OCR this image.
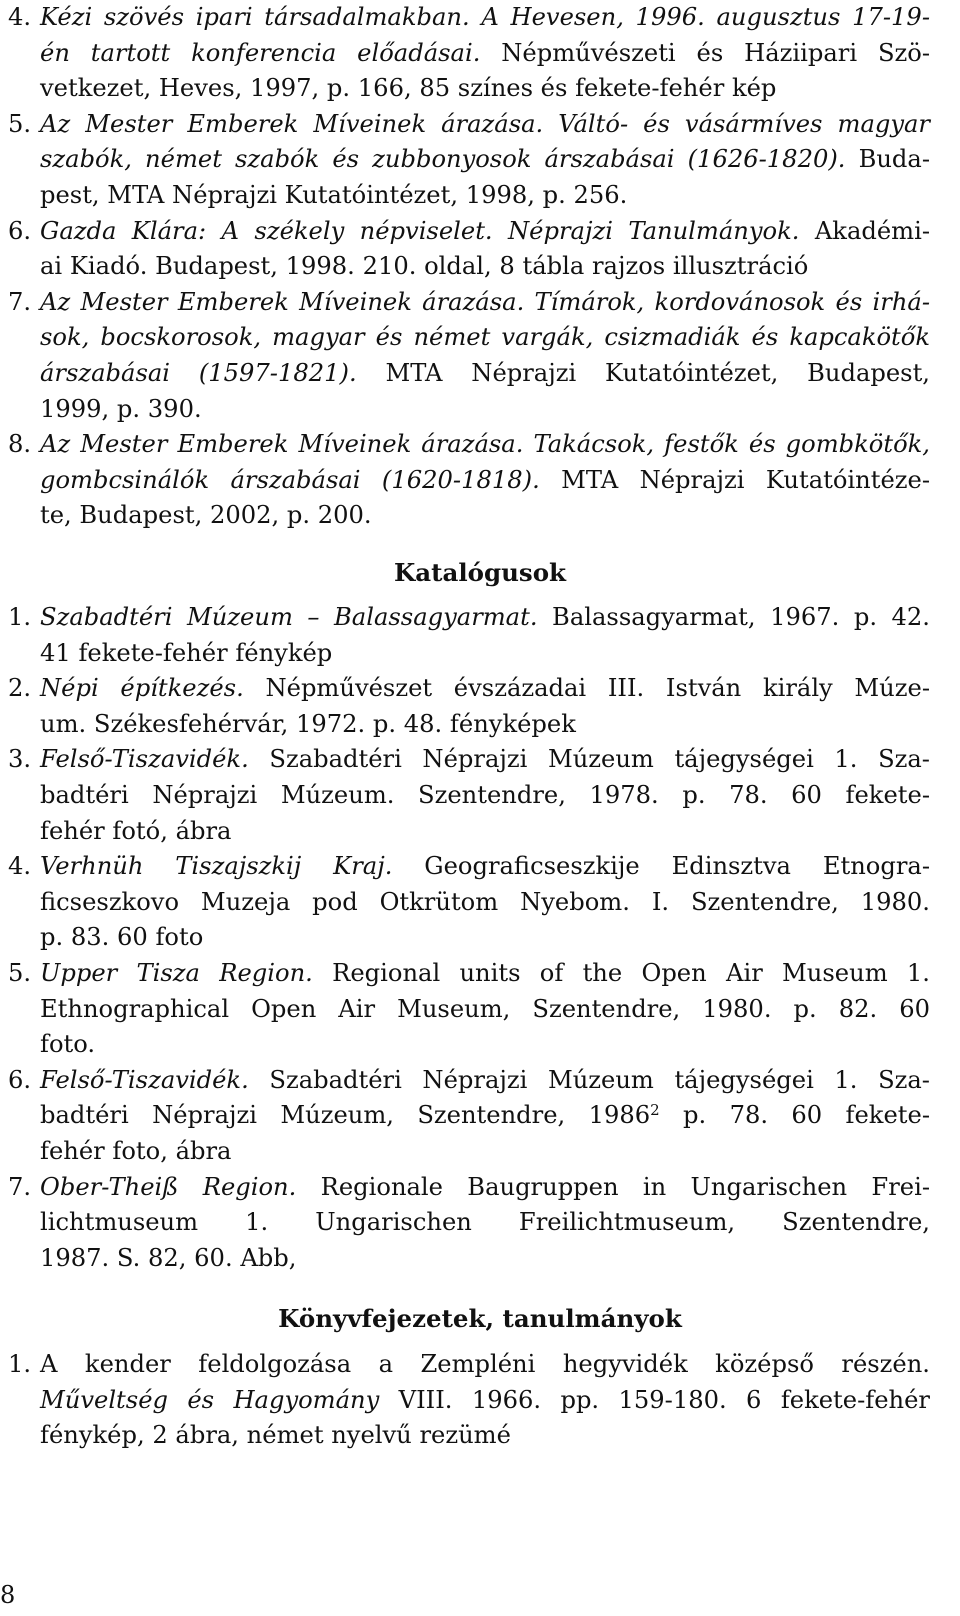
4. Kézi szövés ipari társadalmakban. A Hevesen, 1996. augusztus 17-19-
én tartott konferencia előadásai. Népművészeti és Háziipari Szö-
vetkezet, Heves, 1997, p. 166, 85 színes és fekete-fehér kép
5. Az Mester Emberek Míveinek árazása. Váltó- és vásármíves magyar
szabók, német szabók és zubbonyosok árszabásai (1626-1820). Buda-
pest, MTA Néprajzi Kutatóintézet, 1998, p. 256.
6. Gazda Klára: A székely népviselet. Néprajzi Tanulmányok. Akadémi-
ai Kiadó. Budapest, 1998. 210. oldal, 8 tábla rajzos illusztráció
7. Az Mester Emberek Míveinek árazása. Tímárok, kordovánosok és irhá-
sok, bocskorosok, magyar és német vargák, csizmadiák és kapcakötők
árszabásai (1597-1821). MTA Néprajzi Kutatóintézet, Budapest,
1999, p. 390.
8. Az Mester Emberek Míveinek árazása. Takácsok, festők és gombkötők,
gombcsinálók árszabásai (1620-1818). MTA Néprajzi Kutatóintéze-
te, Budapest, 2002, p. 200.
Katalógusok
1. Szabadtéri Múzeum – Balassagyarmat. Balassagyarmat, 1967. p. 42.
41 fekete-fehér fénykép
2. Népi építkezés. Népművészet évszázadai III. István király Múze-
um. Székesfehérvár, 1972. p. 48. fényképek
3. Felső-Tiszavidék. Szabadtéri Néprajzi Múzeum tájegységei 1. Sza-
badtéri Néprajzi Múzeum. Szentendre, 1978. p. 78. 60 fekete-
fehér fotó, ábra
4. Verhnüh Tiszajszkij Kraj. Geograficseszkije Edinsztva Etnogra-
ficseszkovo Muzeja pod Otkrütom Nyebom. I. Szentendre, 1980.
p. 83. 60 foto
5. Upper Tisza Region. Regional units of the Open Air Museum 1.
Ethnographical Open Air Museum, Szentendre, 1980. p. 82. 60
foto.
6. Felső-Tiszavidék. Szabadtéri Néprajzi Múzeum tájegységei 1. Sza-
badtéri Néprajzi Múzeum, Szentendre, 1986$^2$ p. 78. 60 fekete-
fehér foto, ábra
7. Ober-Theiß Region. Regionale Baugruppen in Ungarischen Frei-
lichtmuseum 1. Ungarischen Freilichtmuseum, Szentendre,
1987. S. 82, 60. Abb,
Könyvfejezetek, tanulmányok
1. A kender feldolgozása a Zempléni hegyvidék középső részén.
Műveltség és Hagyomány VIII. 1966. pp. 159-180. 6 fekete-fehér
fénykép, 2 ábra, német nyelvű rezümé
8
